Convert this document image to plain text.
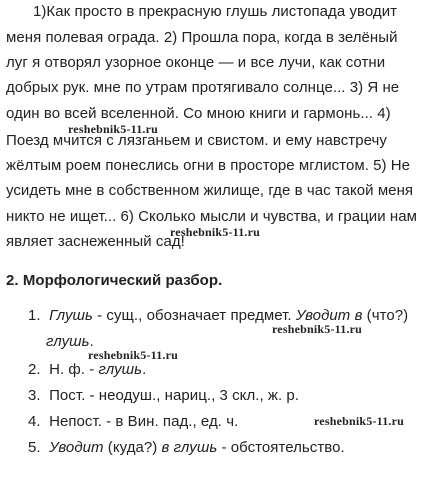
1)Как просто в прекрасную глушь листопада уводит
меня полевая ограда. 2) Прошла пора, когда в зелёный
луг я отворял узорное оконце — и все лучи, как сотни
добрых рук. мне по утрам протягивало солнце... 3) Я не
один во всей вселенной. Со мною книги и гармонь... 4)
Поезд мчится с лязганьем и свистом. и ему навстречу
жёлтым роем понеслись огни в просторе мглистом. 5) Не
усидеть мне в собственном жилище, где в час такой меня
никто не ищет... 6) Сколько мысли и чувства, и грации нам
являет заснеженный сад!
2. Морфологический разбор.
1. Глушь - сущ., обозначает предмет. Уводит в (что?)
глушь.
2. Н. ф. - глушь.
3. Пост. - неодуш., нариц., 3 скл., ж. р.
4. Непост. - в Вин. пад., ед. ч.
5. Уводит (куда?) в глушь - обстоятельство.
reshebnik5-11.ru
reshebnik5-11.ru
reshebnik5-11.ru
reshebnik5-11.ru
reshebnik5-11.ru
